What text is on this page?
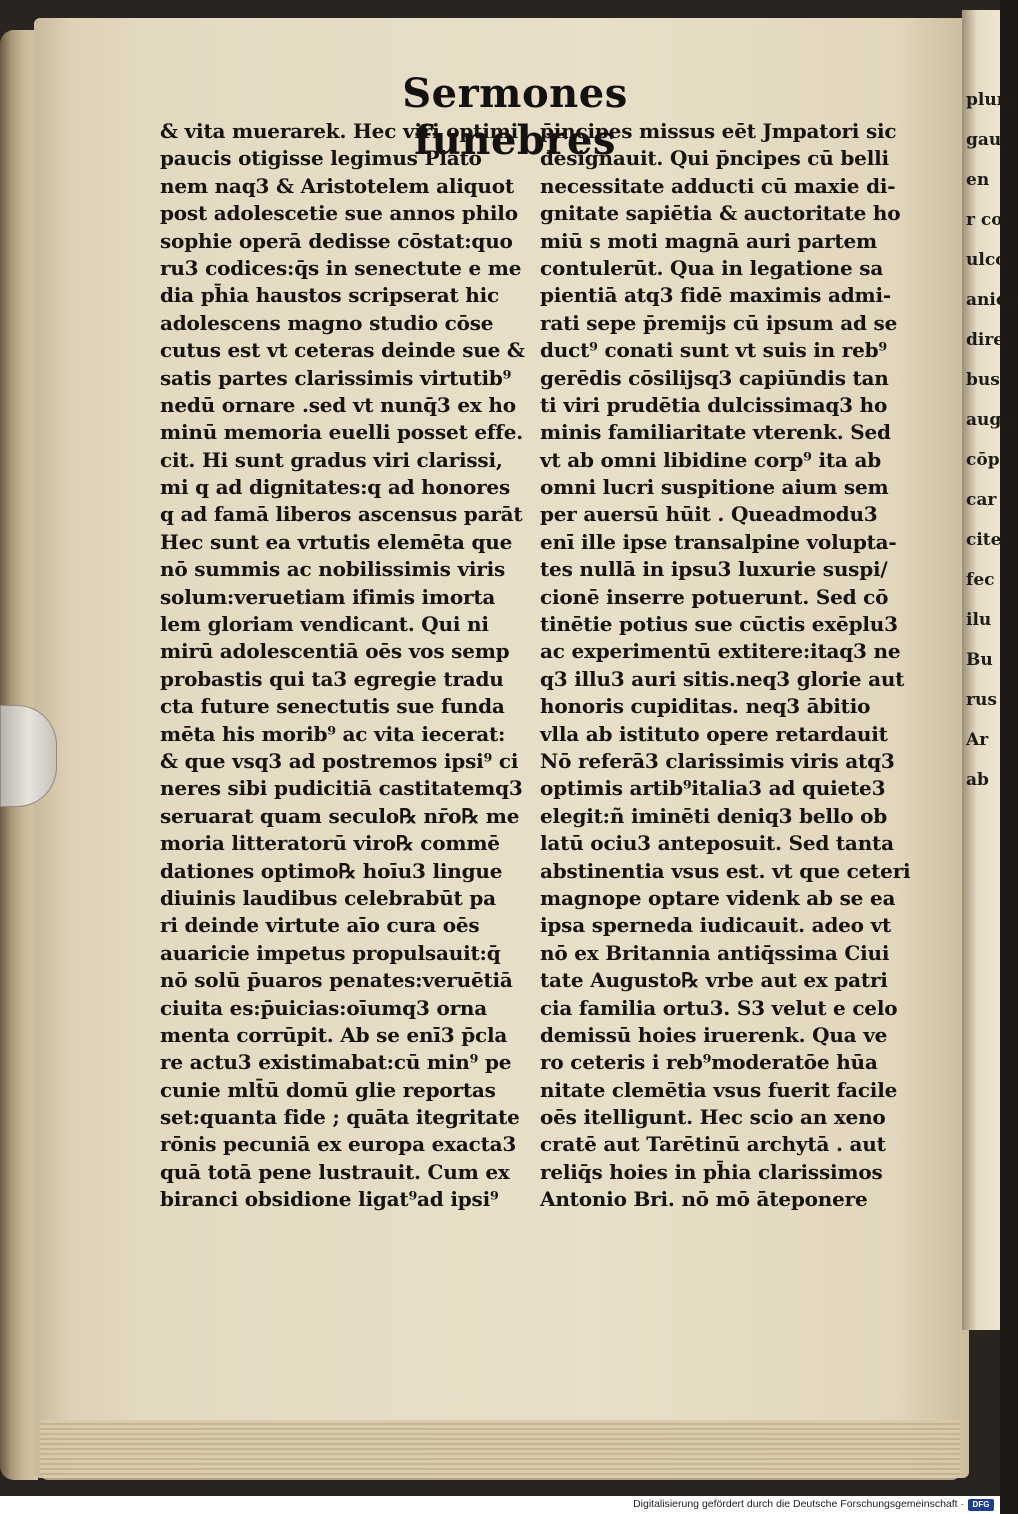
plura
gau
en
r co
ulco
anico
dire
bus
auge
cōp
car
cite
fec
ilu
Bu
rus
Ar
ab
Sermones funebres
& vita muerarek. Hec viri optimi
paucis otigisse legimus Plato
nem naq3 & Aristotelem aliquot
post adolescetie sue annos philo
sophie operā dedisse cōstat:quo
ru3 codices:q̄s in senectute e me
dia ph̄ia haustos scripserat hic
adolescens magno studio cōse
cutus est vt ceteras deinde sue &
satis partes clarissimis virtutib⁹
nedū ornare .sed vt nunq̄3 ex ho
minū memoria euelli posset effe.
cit. Hi sunt gradus viri clarissi,
mi q ad dignitates:q ad honores
q ad famā liberos ascensus parāt
Hec sunt ea vrtutis elemēta que
nō summis ac nobilissimis viris
solum:veruetiam ifimis imorta
lem gloriam vendicant. Qui ni
mirū adolescentiā oēs vos semp
probastis qui ta3 egregie tradu
cta future senectutis sue funda
mēta his morib⁹ ac vita iecerat:
& que vsq3 ad postremos ipsi⁹ ci
neres sibi pudicitiā castitatemq3
seruarat quam seculo℞ nr̄o℞ me
moria litteratorū viro℞ commē
dationes optimo℞ hoīu3 lingue
diuinis laudibus celebrabūt pa
ri deinde virtute aīo cura oēs
auaricie impetus propulsauit:q̄
nō solū p̄uaros penates:veruētiā
ciuita es:p̄uicias:oīumq3 orna
menta corrūpit. Ab se enī3 p̄cla
re actu3 existimabat:cū min⁹ pe
cunie mlt̄ū domū glie reportas
set:quanta fide ; quāta itegritate
rōnis pecuniā ex europa exacta3
quā totā pene lustrauit. Cum ex
biranci obsidione ligat⁹ad ipsi⁹
p̄incipes missus eēt Jmpatori sic
designauit. Qui p̄ncipes cū belli
necessitate adducti cū maxie di-
gnitate sapiētia & auctoritate ho
miū s moti magnā auri partem
contulerūt. Qua in legatione sa
pientiā atq3 fidē maximis admi-
rati sepe p̄remijs cū ipsum ad se
duct⁹ conati sunt vt suis in reb⁹
gerēdis cōsilijsq3 capiūndis tan
ti viri prudētia dulcissimaq3 ho
minis familiaritate vterenk. Sed
vt ab omni libidine corp⁹ ita ab
omni lucri suspitione aium sem
per auersū hūit . Queadmodu3
enī ille ipse transalpine volupta-
tes nullā in ipsu3 luxurie suspi/
cionē inserre potuerunt. Sed cō
tinētie potius sue cūctis exēplu3
ac experimentū extitere:itaq3 ne
q3 illu3 auri sitis.neq3 glorie aut
honoris cupiditas. neq3 ābitio
vlla ab istituto opere retardauit
Nō referā3 clarissimis viris atq3
optimis artib⁹italia3 ad quiete3
elegit:ñ iminēti deniq3 bello ob
latū ociu3 anteposuit. Sed tanta
abstinentia vsus est. vt que ceteri
magnope optare videnk ab se ea
ipsa sperneda iudicauit. adeo vt
nō ex Britannia antiq̄ssima Ciui
tate Augusto℞ vrbe aut ex patri
cia familia ortu3. S3 velut e celo
demissū hoies iruerenk. Qua ve
ro ceteris i reb⁹moderatōe hūa
nitate clemētia vsus fuerit facile
oēs itelligunt. Hec scio an xeno
cratē aut Tarētinū archytā . aut
reliq̄s hoies in ph̄ia clarissimos
Antonio Bri. nō mō āteponere
Digitalisierung gefördert durch die Deutsche Forschungsgemeinschaft ·	DFG
